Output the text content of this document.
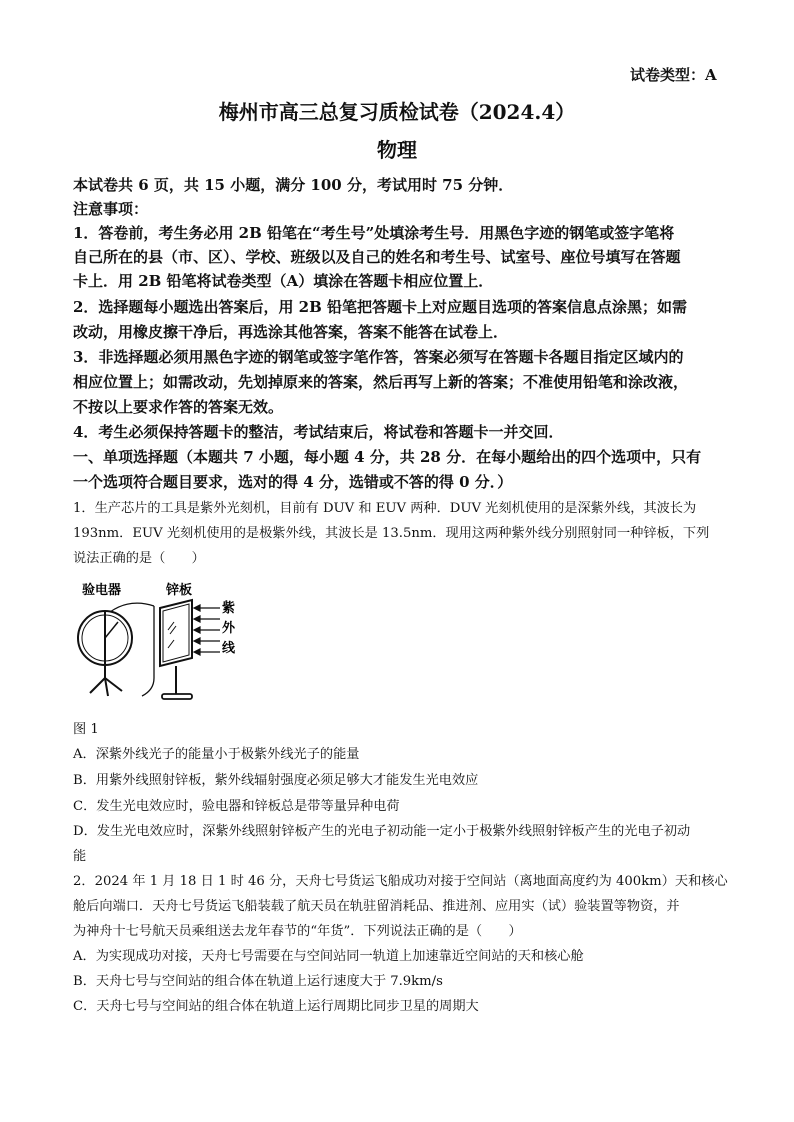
试卷类型：A
梅州市高三总复习质检试卷（2024.4）
物理
本试卷共 6 页，共 15 小题，满分 100 分，考试用时 75 分钟．
注意事项：
1．答卷前，考生务必用 2B 铅笔在“考生号”处填涂考生号．用黑色字迹的钢笔或签字笔将
自己所在的县（市、区）、学校、班级以及自己的姓名和考生号、试室号、座位号填写在答题
卡上．用 2B 铅笔将试卷类型（A）填涂在答题卡相应位置上．
2．选择题每小题选出答案后，用 2B 铅笔把答题卡上对应题目选项的答案信息点涂黑；如需
改动，用橡皮擦干净后，再选涂其他答案，答案不能答在试卷上．
3．非选择题必须用黑色字迹的钢笔或签字笔作答，答案必须写在答题卡各题目指定区域内的
相应位置上；如需改动，先划掉原来的答案，然后再写上新的答案；不准使用铅笔和涂改液，
不按以上要求作答的答案无效。
4．考生必须保持答题卡的整洁，考试结束后，将试卷和答题卡一并交回．
一、单项选择题（本题共 7 小题，每小题 4 分，共 28 分．在每小题给出的四个选项中，只有
一个选项符合题目要求，选对的得 4 分，选错或不答的得 0 分．）
1．生产芯片的工具是紫外光刻机，目前有 DUV 和 EUV 两种．DUV 光刻机使用的是深紫外线，其波长为
193nm．EUV 光刻机使用的是极紫外线，其波长是 13.5nm．现用这两种紫外线分别照射同一种锌板，下列
说法正确的是（　　）
验电器	锌板
紫
外
线
图 1
A．深紫外线光子的能量小于极紫外线光子的能量
B．用紫外线照射锌板，紫外线辐射强度必须足够大才能发生光电效应
C．发生光电效应时，验电器和锌板总是带等量异种电荷
D．发生光电效应时，深紫外线照射锌板产生的光电子初动能一定小于极紫外线照射锌板产生的光电子初动
能
2．2024 年 1 月 18 日 1 时 46 分，天舟七号货运飞船成功对接于空间站（离地面高度约为 400km）天和核心
舱后向端口．天舟七号货运飞船装载了航天员在轨驻留消耗品、推进剂、应用实（试）验装置等物资，并
为神舟十七号航天员乘组送去龙年春节的“年货”．下列说法正确的是（　　）
A．为实现成功对接，天舟七号需要在与空间站同一轨道上加速靠近空间站的天和核心舱
B．天舟七号与空间站的组合体在轨道上运行速度大于 7.9km/s
C．天舟七号与空间站的组合体在轨道上运行周期比同步卫星的周期大
